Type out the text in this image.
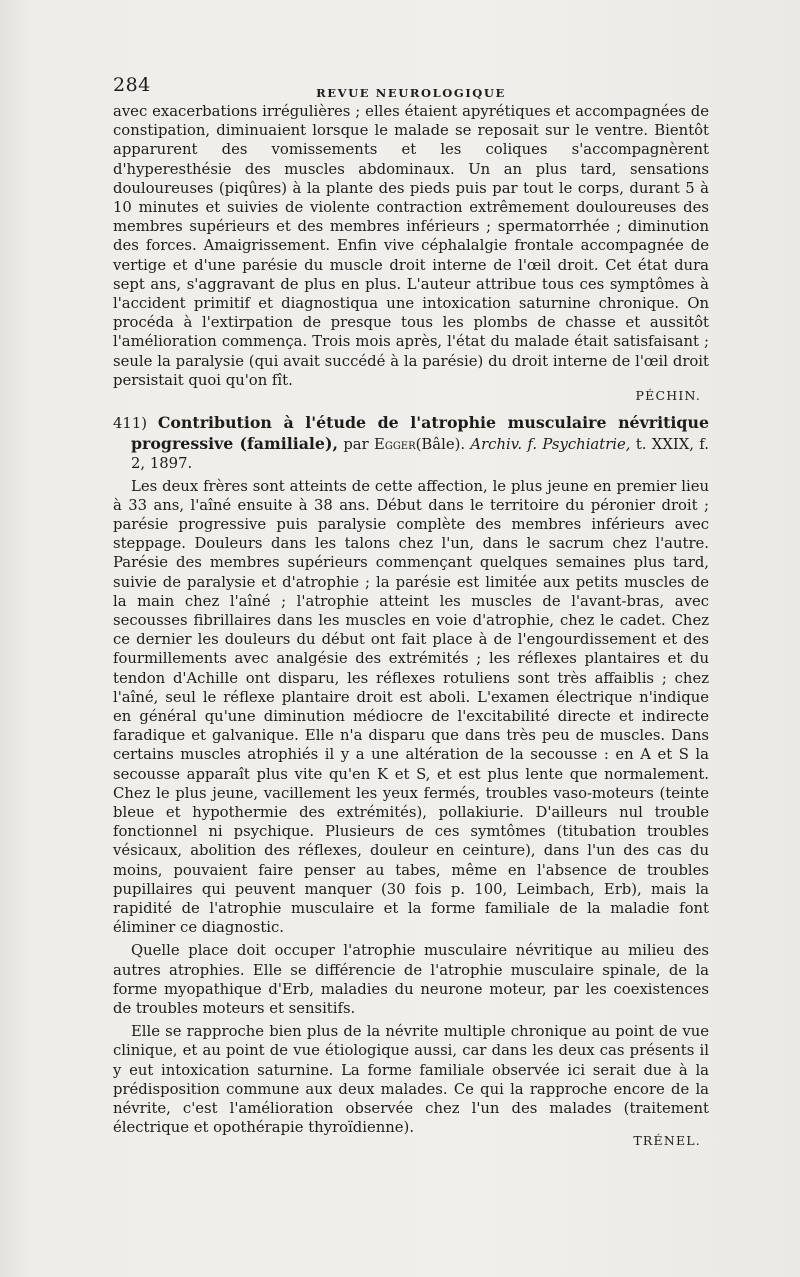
284	REVUE NEUROLOGIQUE

avec exacerbations irrégulières ; elles étaient apyrétiques et accompagnées de constipation, diminuaient lorsque le malade se reposait sur le ventre. Bientôt apparurent des vomissements et les coliques s'accompagnèrent d'hyperesthésie des muscles abdominaux. Un an plus tard, sensations douloureuses (piqûres) à la plante des pieds puis par tout le corps, durant 5 à 10 minutes et suivies de violente contraction extrêmement douloureuses des membres supérieurs et des membres inférieurs ; spermatorrhée ; diminution des forces. Amaigrissement. Enfin vive céphalalgie frontale accompagnée de vertige et d'une parésie du muscle droit interne de l'œil droit. Cet état dura sept ans, s'aggravant de plus en plus. L'auteur attribue tous ces symptômes à l'accident primitif et diagnostiqua une intoxication saturnine chronique. On procéda à l'extirpation de presque tous les plombs de chasse et aussitôt l'amélioration commença. Trois mois après, l'état du malade était satisfaisant ; seule la paralysie (qui avait succédé à la parésie) du droit interne de l'œil droit persistait quoi qu'on fît.

PÉCHIN.
411) Contribution à l'étude de l'atrophie musculaire névritique progressive (familiale), par Egger(Bâle). Archiv. f. Psychiatrie, t. XXIX, f. 2, 1897.

Les deux frères sont atteints de cette affection, le plus jeune en premier lieu à 33 ans, l'aîné ensuite à 38 ans. Début dans le territoire du péronier droit ; parésie progressive puis paralysie complète des membres inférieurs avec steppage. Douleurs dans les talons chez l'un, dans le sacrum chez l'autre. Parésie des membres supérieurs commençant quelques semaines plus tard, suivie de paralysie et d'atrophie ; la parésie est limitée aux petits muscles de la main chez l'aîné ; l'atrophie atteint les muscles de l'avant-bras, avec secousses fibrillaires dans les muscles en voie d'atrophie, chez le cadet. Chez ce dernier les douleurs du début ont fait place à de l'engourdissement et des fourmillements avec analgésie des extrémités ; les réflexes plantaires et du tendon d'Achille ont disparu, les réflexes rotuliens sont très affaiblis ; chez l'aîné, seul le réflexe plantaire droit est aboli. L'examen électrique n'indique en général qu'une diminution médiocre de l'excitabilité directe et indirecte faradique et galvanique. Elle n'a disparu que dans très peu de muscles. Dans certains muscles atrophiés il y a une altération de la secousse : en A et S la secousse apparaît plus vite qu'en K et S, et est plus lente que normalement. Chez le plus jeune, vacillement les yeux fermés, troubles vaso-moteurs (teinte bleue et hypothermie des extrémités), pollakiurie. D'ailleurs nul trouble fonctionnel ni psychique. Plusieurs de ces symtômes (titubation troubles vésicaux, abolition des réflexes, douleur en ceinture), dans l'un des cas du moins, pouvaient faire penser au tabes, même en l'absence de troubles pupillaires qui peuvent manquer (30 fois p. 100, Leimbach, Erb), mais la rapidité de l'atrophie musculaire et la forme familiale de la maladie font éliminer ce diagnostic.

Quelle place doit occuper l'atrophie musculaire névritique au milieu des autres atrophies. Elle se différencie de l'atrophie musculaire spinale, de la forme myopathique d'Erb, maladies du neurone moteur, par les coexistences de troubles moteurs et sensitifs.

Elle se rapproche bien plus de la névrite multiple chronique au point de vue clinique, et au point de vue étiologique aussi, car dans les deux cas présents il y eut intoxication saturnine. La forme familiale observée ici serait due à la prédisposition commune aux deux malades. Ce qui la rapproche encore de la névrite, c'est l'amélioration observée chez l'un des malades (traitement électrique et opothérapie thyroïdienne).

TRÉNEL.
